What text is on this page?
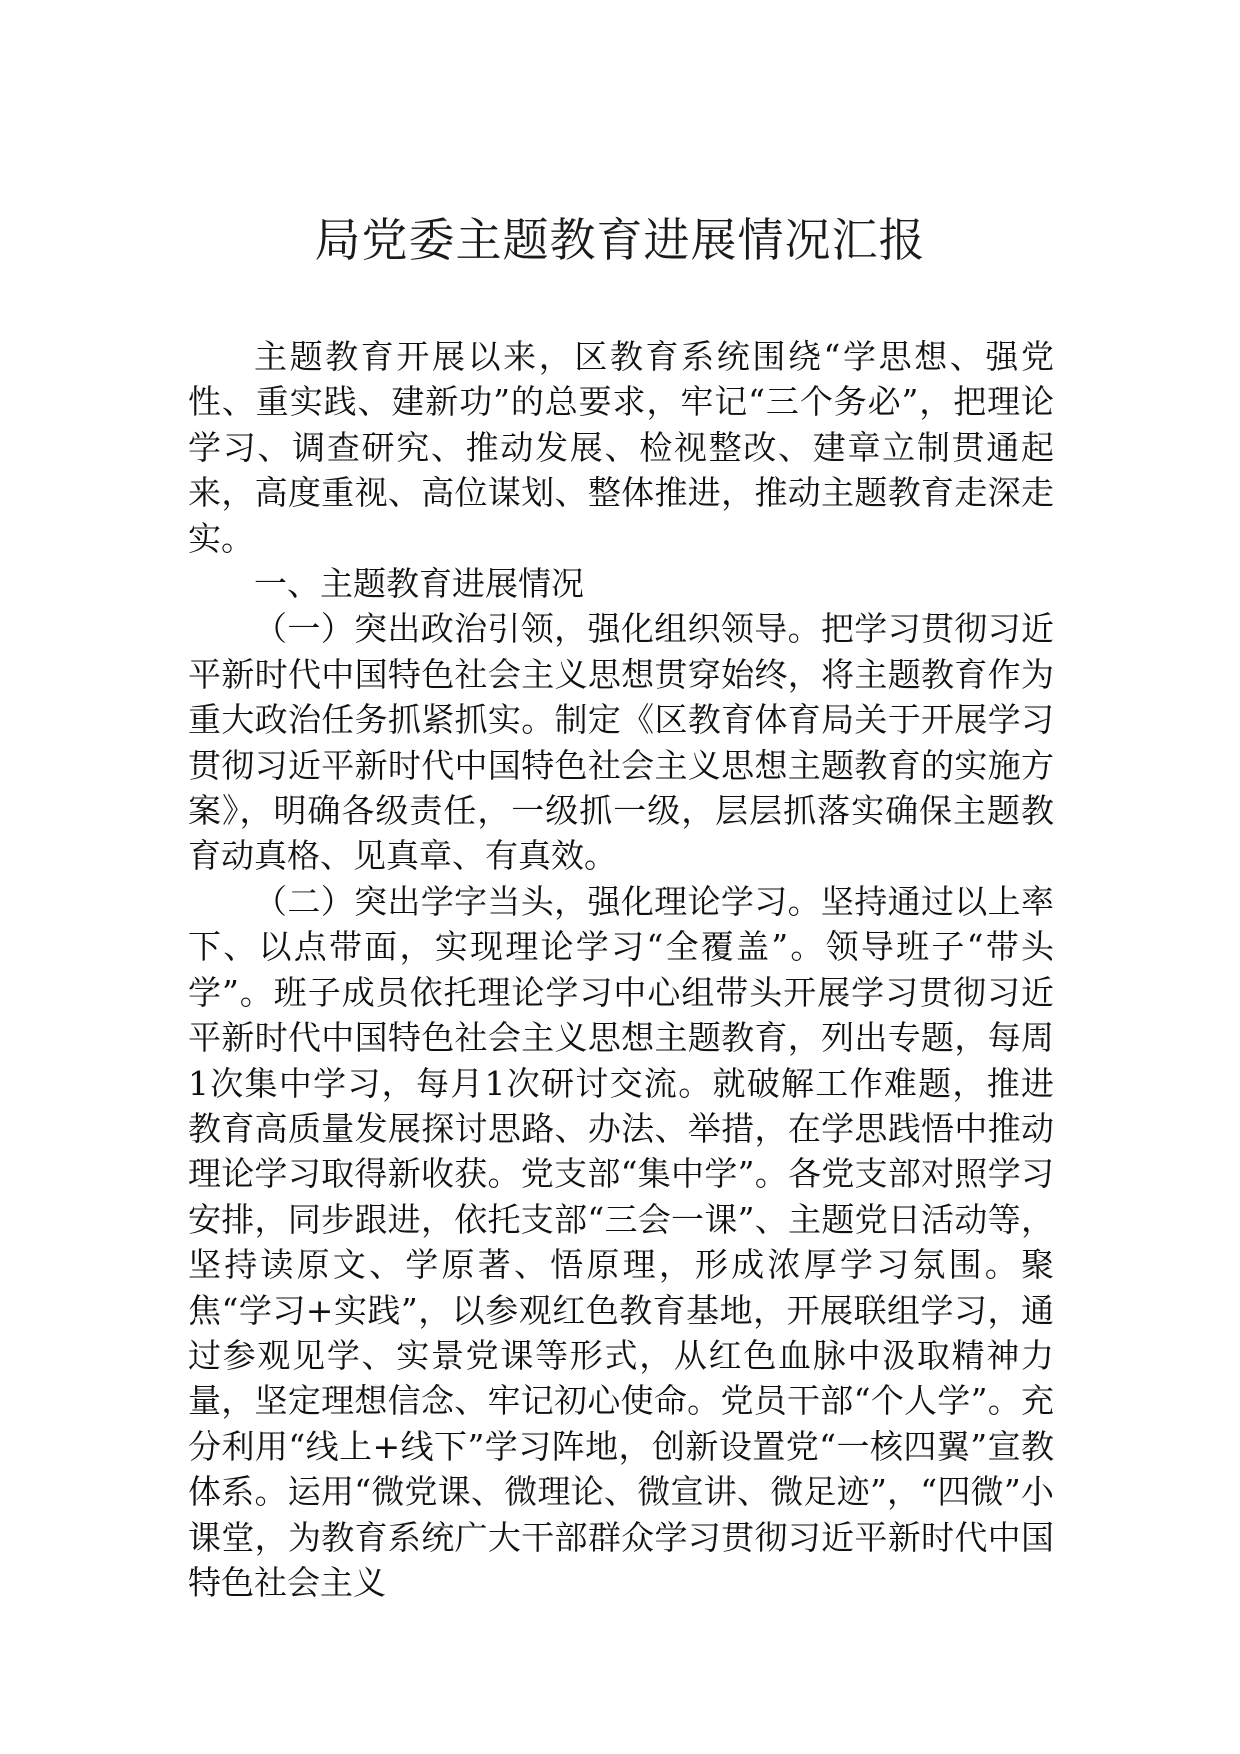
局党委主题教育进展情况汇报

主题教育开展以来，区教育系统围绕“学思想、强党性、重实践、建新功”的总要求，牢记“三个务必”，把理论学习、调查研究、推动发展、检视整改、建章立制贯通起来，高度重视、高位谋划、整体推进，推动主题教育走深走实。

一、主题教育进展情况

（一）突出政治引领，强化组织领导。把学习贯彻习近平新时代中国特色社会主义思想贯穿始终，将主题教育作为重大政治任务抓紧抓实。制定《区教育体育局关于开展学习贯彻习近平新时代中国特色社会主义思想主题教育的实施方案》，明确各级责任，一级抓一级，层层抓落实确保主题教育动真格、见真章、有真效。

（二）突出学字当头，强化理论学习。坚持通过以上率下、以点带面，实现理论学习“全覆盖”。领导班子“带头学”。班子成员依托理论学习中心组带头开展学习贯彻习近平新时代中国特色社会主义思想主题教育，列出专题，每周1次集中学习，每月1次研讨交流。就破解工作难题，推进教育高质量发展探讨思路、办法、举措，在学思践悟中推动理论学习取得新收获。党支部“集中学”。各党支部对照学习安排，同步跟进，依托支部“三会一课”、主题党日活动等，坚持读原文、学原著、悟原理，形成浓厚学习氛围。聚焦“学习+实践”，以参观红色教育基地，开展联组学习，通过参观见学、实景党课等形式，从红色血脉中汲取精神力量，坚定理想信念、牢记初心使命。党员干部“个人学”。充分利用“线上+线下”学习阵地，创新设置党“一核四翼”宣教体系。运用“微党课、微理论、微宣讲、微足迹”，“四微”小课堂，为教育系统广大干部群众学习贯彻习近平新时代中国特色社会主义
